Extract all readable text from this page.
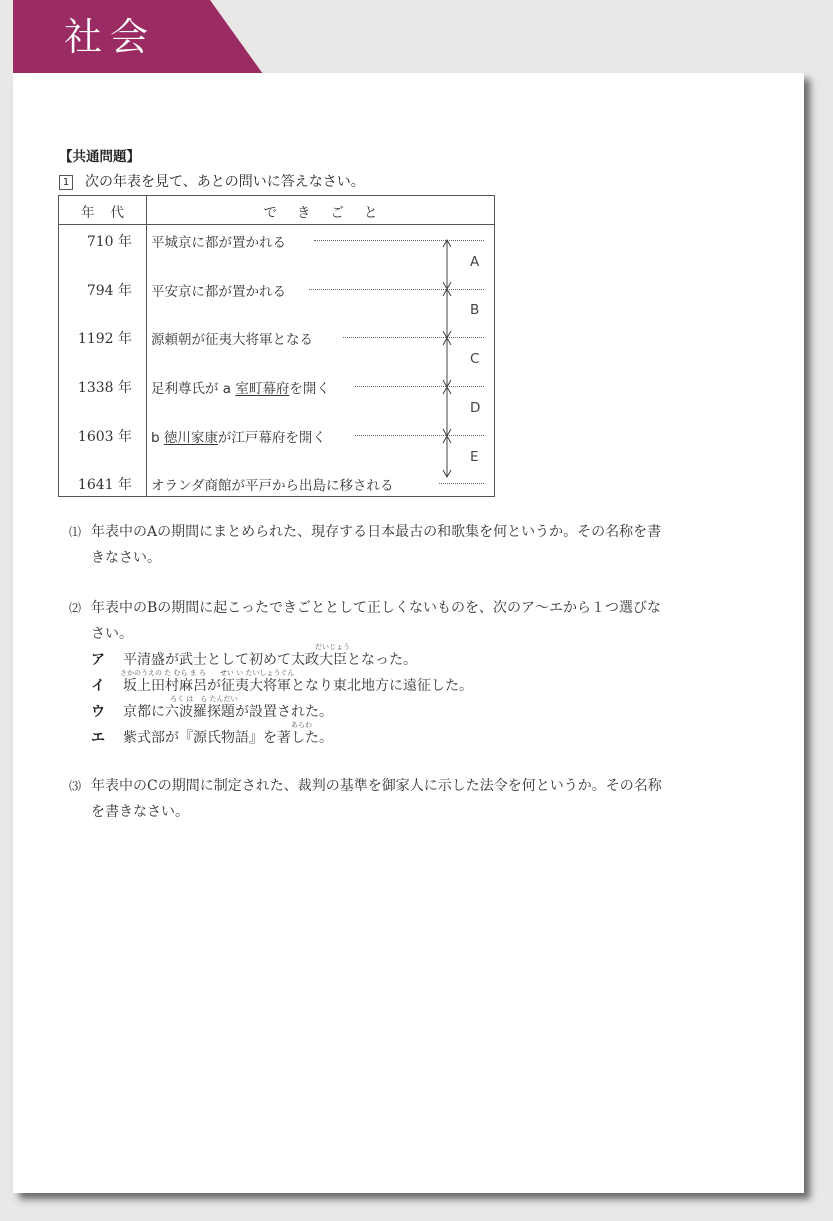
社会
【共通問題】
1 次の年表を見て、あとの問いに答えなさい。
年代	できごと
710 年	平城京に都が置かれる
794 年	平安京に都が置かれる
1192 年	源頼朝が征夷大将軍となる
1338 年	足利尊氏が a 室町幕府を開く
1603 年	b 徳川家康が江戸幕府を開く
1641 年	オランダ商館が平戸から出島に移される
A
B
C
D
E
⑴ 年表中のAの期間にまとめられた、現存する日本最古の和歌集を何というか。その名称を書
きなさい。
⑵ 年表中のBの期間に起こったできごととして正しくないものを、次のア～エから１つ選びな
さい。
だいじょう
ア 平清盛が武士として初めて太政大臣となった。
さかのうえの た むら ま ろ　　せい い たいしょうぐん
イ 坂上田村麻呂が征夷大将軍となり東北地方に遠征した。
ろく は　ら たんだい
ウ 京都に六波羅探題が設置された。
あらわ
エ 紫式部が『源氏物語』を著した。
⑶ 年表中のCの期間に制定された、裁判の基準を御家人に示した法令を何というか。その名称
を書きなさい。
